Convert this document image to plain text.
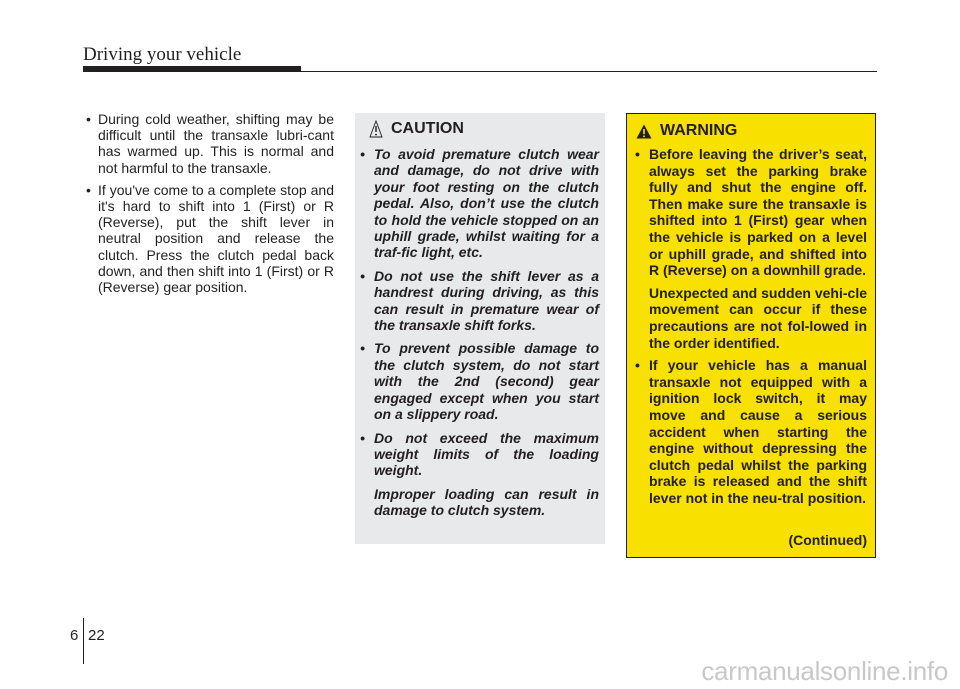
Driving your vehicle
• During cold weather, shifting may be difficult until the transaxle lubri-cant has warmed up. This is normal and not harmful to the transaxle.
• If you've come to a complete stop and it's hard to shift into 1 (First) or R (Reverse), put the shift lever in neutral position and release the clutch. Press the clutch pedal back down, and then shift into 1 (First) or R (Reverse) gear position.
CAUTION
• To avoid premature clutch wear and damage, do not drive with your foot resting on the clutch pedal. Also, don’t use the clutch to hold the vehicle stopped on an uphill grade, whilst waiting for a traf-fic light, etc.
• Do not use the shift lever as a handrest during driving, as this can result in premature wear of the transaxle shift forks.
• To prevent possible damage to the clutch system, do not start with the 2nd (second) gear engaged except when you start on a slippery road.
• Do not exceed the maximum weight limits of the loading weight.
Improper loading can result in damage to clutch system.
(Continued)
WARNING
• Before leaving the driver’s seat, always set the parking brake fully and shut the engine off. Then make sure the transaxle is shifted into 1 (First) gear when the vehicle is parked on a level or uphill grade, and shifted into R (Reverse) on a downhill grade.
Unexpected and sudden vehi-cle movement can occur if these precautions are not fol-lowed in the order identified.
• If your vehicle has a manual transaxle not equipped with a ignition lock switch, it may move and cause a serious accident when starting the engine without depressing the clutch pedal whilst the parking brake is released and the shift lever not in the neu-tral position.
6 22
carmanualsonline.info
